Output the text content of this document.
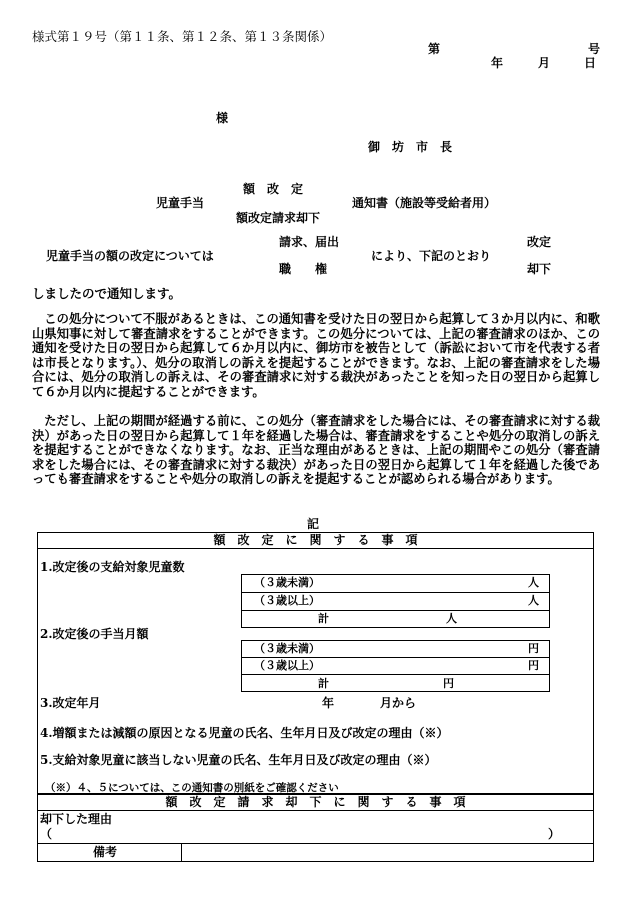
様式第１９号（第１１条、第１２条、第１３条関係）
第	号
年	月	日
様
御　坊　市　長
額　改　定
児童手当	通知書（施設等受給者用）
額改定請求却下
請求、届出
児童手当の額の改定については	により、下記のとおり
改定
職　　権	却下
しましたので通知します。
この処分について不服があるときは、この通知書を受けた日の翌日から起算して３か月以内に、和歌山県知事に対して審査請求をすることができます。この処分については、上記の審査請求のほか、この通知を受けた日の翌日から起算して６か月以内に、御坊市を被告として（訴訟において市を代表する者は市長となります。）、処分の取消しの訴えを提起することができます。なお、上記の審査請求をした場合には、処分の取消しの訴えは、その審査請求に対する裁決があったことを知った日の翌日から起算して６か月以内に提起することができます。
ただし、上記の期間が経過する前に、この処分（審査請求をした場合には、その審査請求に対する裁決）があった日の翌日から起算して１年を経過した場合は、審査請求をすることや処分の取消しの訴えを提起することができなくなります。なお、正当な理由があるときは、上記の期間やこの処分（審査請求をした場合には、その審査請求に対する裁決）があった日の翌日から起算して１年を経過した後であっても審査請求をすることや処分の取消しの訴えを提起することが認められる場合があります。
記
額　改　定　に　関　す　る　事　項
1.改定後の支給対象児童数
（３歳未満）	人
（３歳以上）	人
計	人
2.改定後の手当月額
（３歳未満）	円
（３歳以上）	円
計	円
3.改定年月	年	月から
4.増額または減額の原因となる児童の氏名、生年月日及び改定の理由（※）
5.支給対象児童に該当しない児童の氏名、生年月日及び改定の理由（※）
（※）４、５については、この通知書の別紙をご確認ください
額　改　定　請　求　却　下　に　関　す　る　事　項
却下した理由
（	）
備考
